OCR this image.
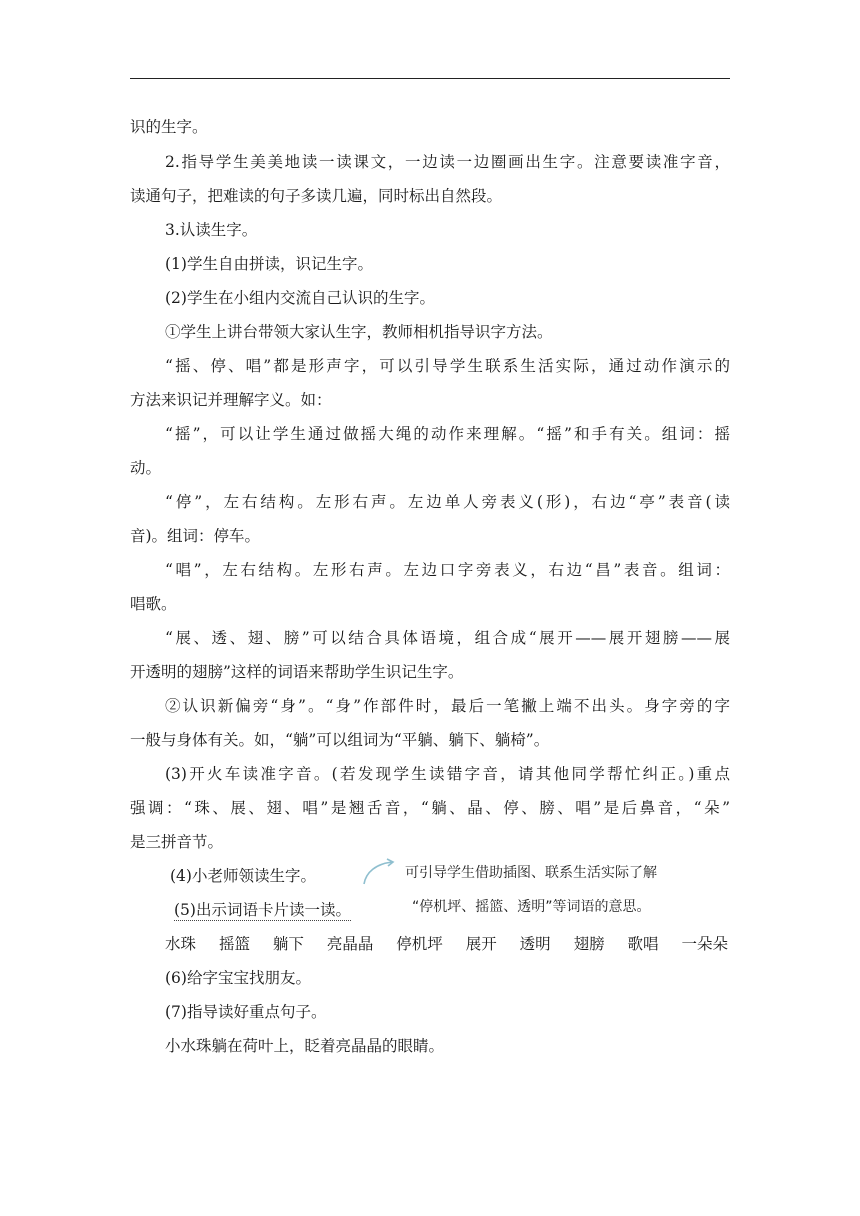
识的生字。
2.指导学生美美地读一读课文，一边读一边圈画出生字。注意要读准字音，
读通句子，把难读的句子多读几遍，同时标出自然段。
3.认读生字。
(1)学生自由拼读，识记生字。
(2)学生在小组内交流自己认识的生字。
①学生上讲台带领大家认生字，教师相机指导识字方法。
“摇、停、唱”都是形声字，可以引导学生联系生活实际，通过动作演示的
方法来识记并理解字义。如：
“摇”，可以让学生通过做摇大绳的动作来理解。“摇”和手有关。组词：摇
动。
“停”，左右结构。左形右声。左边单人旁表义(形)，右边“亭”表音(读
音)。组词：停车。
“唱”，左右结构。左形右声。左边口字旁表义，右边“昌”表音。组词：
唱歌。
“展、透、翅、膀”可以结合具体语境，组合成“展开——展开翅膀——展
开透明的翅膀”这样的词语来帮助学生识记生字。
②认识新偏旁“⾝”。“身”作部件时，最后一笔撇上端不出头。身字旁的字
一般与身体有关。如，“躺”可以组词为“平躺、躺下、躺椅”。
(3)开火车读准字音。(若发现学生读错字音，请其他同学帮忙纠正。)重点
强调：“珠、展、翅、唱”是翘舌音，“躺、晶、停、膀、唱”是后鼻音，“朵”
是三拼音节。
(4)小老师领读生字。
(5)出示词语卡片读一读。
可引导学生借助插图、联系生活实际了解
“停机坪、摇篮、透明”等词语的意思。
水珠 摇篮 躺下 亮晶晶 停机坪 展开 透明 翅膀 歌唱 一朵朵
(6)给字宝宝找朋友。
(7)指导读好重点句子。
小水珠躺在荷叶上，眨着亮晶晶的眼睛。
